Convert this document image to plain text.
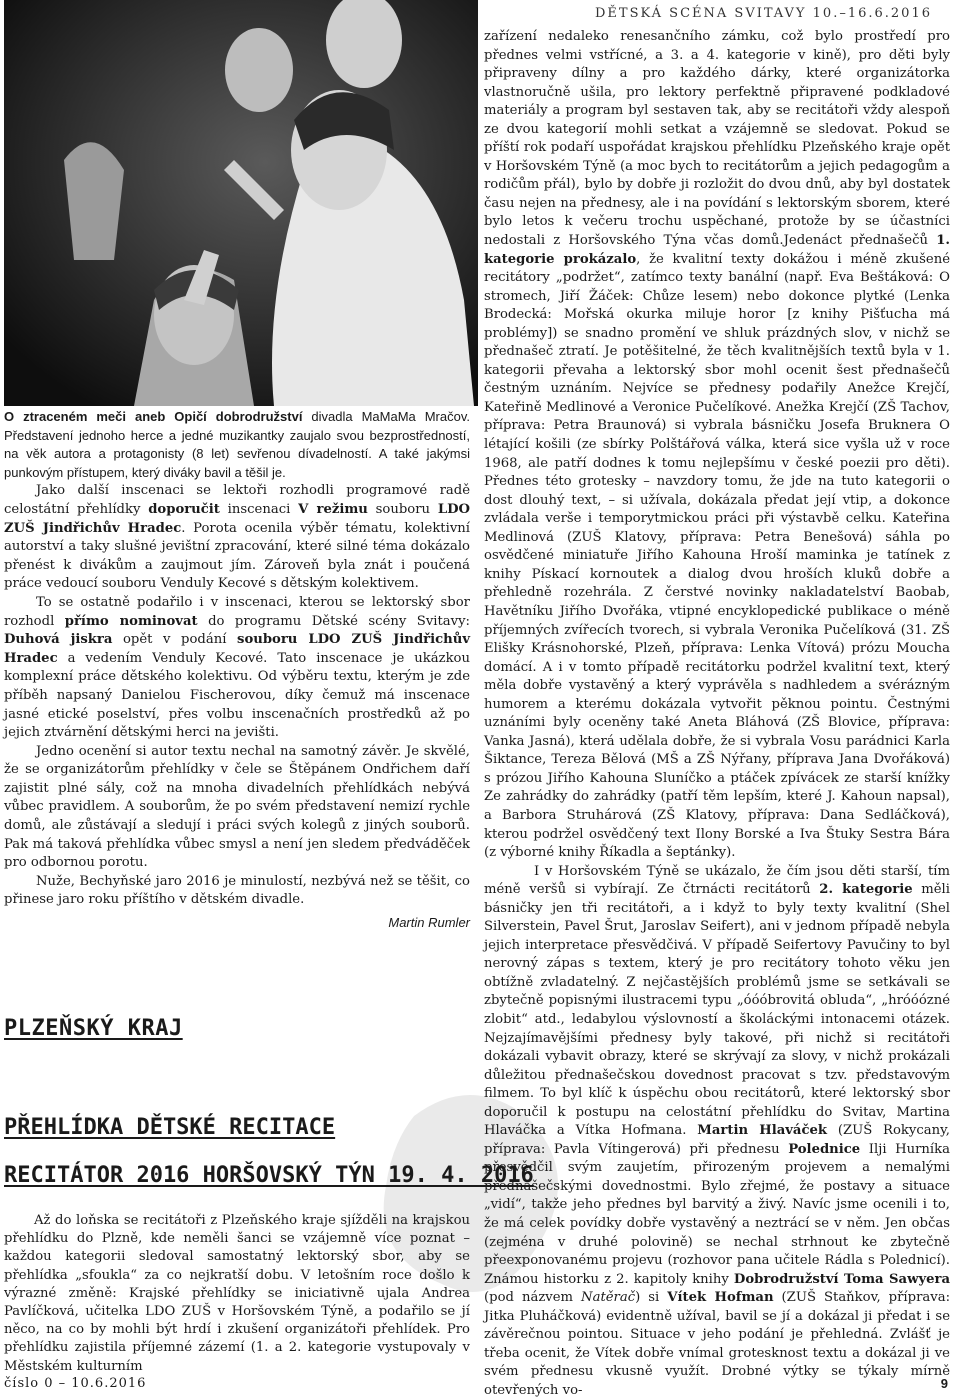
DĚTSKÁ SCÉNA SVITAVY 10.–16.6.2016

O ztraceném meči aneb Opičí dobrodružství divadla MaMaMa Mračov. Představení jednoho herce a jedné muzikantky zaujalo svou bezprostředností, na věk autora a protagonisty (8 let) sevřenou dívadelností. A také jakýmsi punkovým přístupem, který diváky bavil a těšil je.

Jako další inscenaci se lektoři rozhodli programové radě celostátní přehlídky doporučit inscenaci V režimu souboru LDO ZUŠ Jindřichův Hradec. Porota ocenila výběr tématu, kolektivní autorství a taky slušné jevištní zpracování, které silné téma dokázalo přenést k divákům a zaujmout jím. Zároveň byla znát i poučená práce vedoucí souboru Venduly Kecové s dětským kolektivem.

To se ostatně podařilo i v inscenaci, kterou se lektorský sbor rozhodl přímo nominovat do programu Dětské scény Svitavy: Duhová jiskra opět v podání souboru LDO ZUŠ Jindřichův Hradec a vedením Venduly Kecové. Tato inscenace je ukázkou komplexní práce dětského kolektivu. Od výběru textu, kterým je zde příběh napsaný Danielou Fischerovou, díky čemuž má inscenace jasné etické poselství, přes volbu inscenačních prostředků až po jejich ztvárnění dětskými herci na jevišti.

Jedno ocenění si autor textu nechal na samotný závěr. Je skvělé, že se organizátorům přehlídky v čele se Štěpánem Ondřichem daří zajistit plné sály, což na mnoha divadelních přehlídkách nebývá vůbec pravidlem. A souborům, že po svém představení nemizí rychle domů, ale zůstávají a sledují i práci svých kolegů z jiných souborů. Pak má taková přehlídka vůbec smysl a není jen sledem předváděček pro odbornou porotu.

Nuže, Bechyňské jaro 2016 je minulostí, nezbývá než se těšit, co přinese jaro roku příštího v dětském divadle.

Martin Rumler
PLZEŇSKÝ KRAJ
PŘEHLÍDKA DĚTSKÉ RECITACE
RECITÁTOR 2016 HORŠOVSKÝ TÝN 19. 4. 2016

Až do loňska se recitátoři z Plzeňského kraje sjížděli na krajskou přehlídku do Plzně, kde neměli šanci se vzájemně více poznat – každou kategorii sledoval samostatný lektorský sbor, aby se přehlídka „sfoukla“ za co nejkratší dobu. V letošním roce došlo k výrazné změně: Krajské přehlídky se iniciativně ujala Andrea Pavlíčková, učitelka LDO ZUŠ v Horšovském Týně, a podařilo se jí něco, na co by mohli být hrdí i zkušení organizátoři přehlídek. Pro přehlídku zajistila příjemné zázemí (1. a 2. kategorie vystupovaly v Městském kulturním

zařízení nedaleko renesančního zámku, což bylo prostředí pro přednes velmi vstřícné, a 3. a 4. kategorie v kině), pro děti byly připraveny dílny a pro každého dárky, které organizátorka vlastnoručně ušila, pro lektory perfektně připravené podkladové materiály a program byl sestaven tak, aby se recitátoři vždy alespoň ze dvou kategorií mohli setkat a vzájemně se sledovat. Pokud se příští rok podaří uspořádat krajskou přehlídku Plzeňského kraje opět v Horšovském Týně (a moc bych to recitátorům a jejich pedagogům a rodičům přál), bylo by dobře ji rozložit do dvou dnů, aby byl dostatek času nejen na přednesy, ale i na povídání s lektorským sborem, které bylo letos k večeru trochu uspěchané, protože by se účastníci nedostali z Horšovského Týna včas domů.Jedenáct přednašečů 1. kategorie prokázalo, že kvalitní texty dokážou i méně zkušené recitátory „podržet“, zatímco texty banální (např. Eva Beštáková: O stromech, Jiří Žáček: Chůze lesem) nebo dokonce plytké (Lenka Brodecká: Mořská okurka miluje horor [z knihy Pišťucha má problémy]) se snadno promění ve shluk prázdných slov, v nichž se přednašeč ztratí. Je potěšitelné, že těch kvalitnějších textů byla v 1. kategorii převaha a lektorský sbor mohl ocenit šest přednašečů čestným uznáním. Nejvíce se přednesy podařily Anežce Krejčí, Kateřině Medlinové a Veronice Pučelíkové. Anežka Krejčí (ZŠ Tachov, příprava: Petra Braunová) si vybrala básničku Josefa Bruknera O létající košili (ze sbírky Polštářová válka, která sice vyšla už v roce 1968, ale patří dodnes k tomu nejlepšímu v české poezii pro děti). Přednes této grotesky – navzdory tomu, že jde na tuto kategorii o dost dlouhý text, – si užívala, dokázala předat její vtip, a dokonce zvládala verše i temporytmickou práci při výstavbě celku. Kateřina Medlinová (ZUŠ Klatovy, příprava: Petra Benešová) sáhla po osvědčené miniatuře Jiřího Kahouna Hroší maminka je tatínek z knihy Pískací kornoutek a dialog dvou hroších kluků dobře a přehledně rozehrála. Z čerstvé novinky nakladatelství Baobab, Havětníku Jiřího Dvořáka, vtipné encyklopedické publikace o méně příjemných zvířecích tvorech, si vybrala Veronika Pučelíková (31. ZŠ Elišky Krásnohorské, Plzeň, příprava: Lenka Vítová) prózu Moucha domácí. A i v tomto případě recitátorku podržel kvalitní text, který měla dobře vystavěný a který vyprávěla s nadhledem a svérázným humorem a kterému dokázala vytvořit pěknou pointu. Čestnými uznáními byly oceněny také Aneta Bláhová (ZŠ Blovice, příprava: Vanka Jasná), která udělala dobře, že si vybrala Vosu parádnici Karla Šiktance, Tereza Bělová (MŠ a ZŠ Nýřany, příprava Jana Dvořáková) s prózou Jiřího Kahouna Sluníčko a ptáček zpívácek ze starší knížky Ze zahrádky do zahrádky (patří těm lepším, které J. Kahoun napsal), a Barbora Struhárová (ZŠ Klatovy, příprava: Dana Sedláčková), kterou podržel osvědčený text Ilony Borské a Iva Štuky Sestra Bára (z výborné knihy Říkadla a šeptánky).

I v Horšovském Týně se ukázalo, že čím jsou děti starší, tím méně veršů si vybírají. Ze čtrnácti recitátorů 2. kategorie měli básničky jen tři recitátoři, a i když to byly texty kvalitní (Shel Silverstein, Pavel Šrut, Jaroslav Seifert), ani v jednom případě nebyla jejich interpretace přesvědčivá. V případě Seifertovy Pavučiny to byl nerovný zápas s textem, který je pro recitátory tohoto věku jen obtížně zvladatelný. Z nejčastějších problémů jsme se setkávali se zbytečně popisnými ilustracemi typu „óóóbrovitá obluda“, „hróóózné zlobit“ atd., ledabylou výslovností a školáckými intonacemi otázek. Nejzajímavějšími přednesy byly takové, při nichž si recitátoři dokázali vybavit obrazy, které se skrývají za slovy, v nichž prokázali důležitou přednašečskou dovednost pracovat s tzv. představovým filmem. To byl klíč k úspěchu obou recitátorů, které lektorský sbor doporučil k postupu na celostátní přehlídku do Svitav, Martina Hlaváčka a Vítka Hofmana. Martin Hlaváček (ZUŠ Rokycany, příprava: Pavla Vítingerová) při přednesu Polednice Ilji Hurníka přesvědčil svým zaujetím, přirozeným projevem a nemalými přednašečskými dovednostmi. Bylo zřejmé, že postavy a situace „vidí“, takže jeho přednes byl barvitý a živý. Navíc jsme ocenili i to, že má celek povídky dobře vystavěný a neztrácí se v něm. Jen občas (zejména v druhé polovině) se nechal strhnout ke zbytečně přeexponovanému projevu (rozhovor pana učitele Rádla s Polednicí). Známou historku z 2. kapitoly knihy Dobrodružství Toma Sawyera (pod názvem Natěrač) si Vítek Hofman (ZUŠ Staňkov, příprava: Jitka Pluháčková) evidentně užíval, bavil se jí a dokázal ji předat i se závěrečnou pointou. Situace v jeho podání je přehledná. Zvlášť je třeba ocenit, že Vítek dobře vnímal grotesknost textu a dokázal ji ve svém přednesu vkusně využít. Drobné výtky se týkaly mírně otevřených vo-

číslo 0 – 10.6.2016	9
